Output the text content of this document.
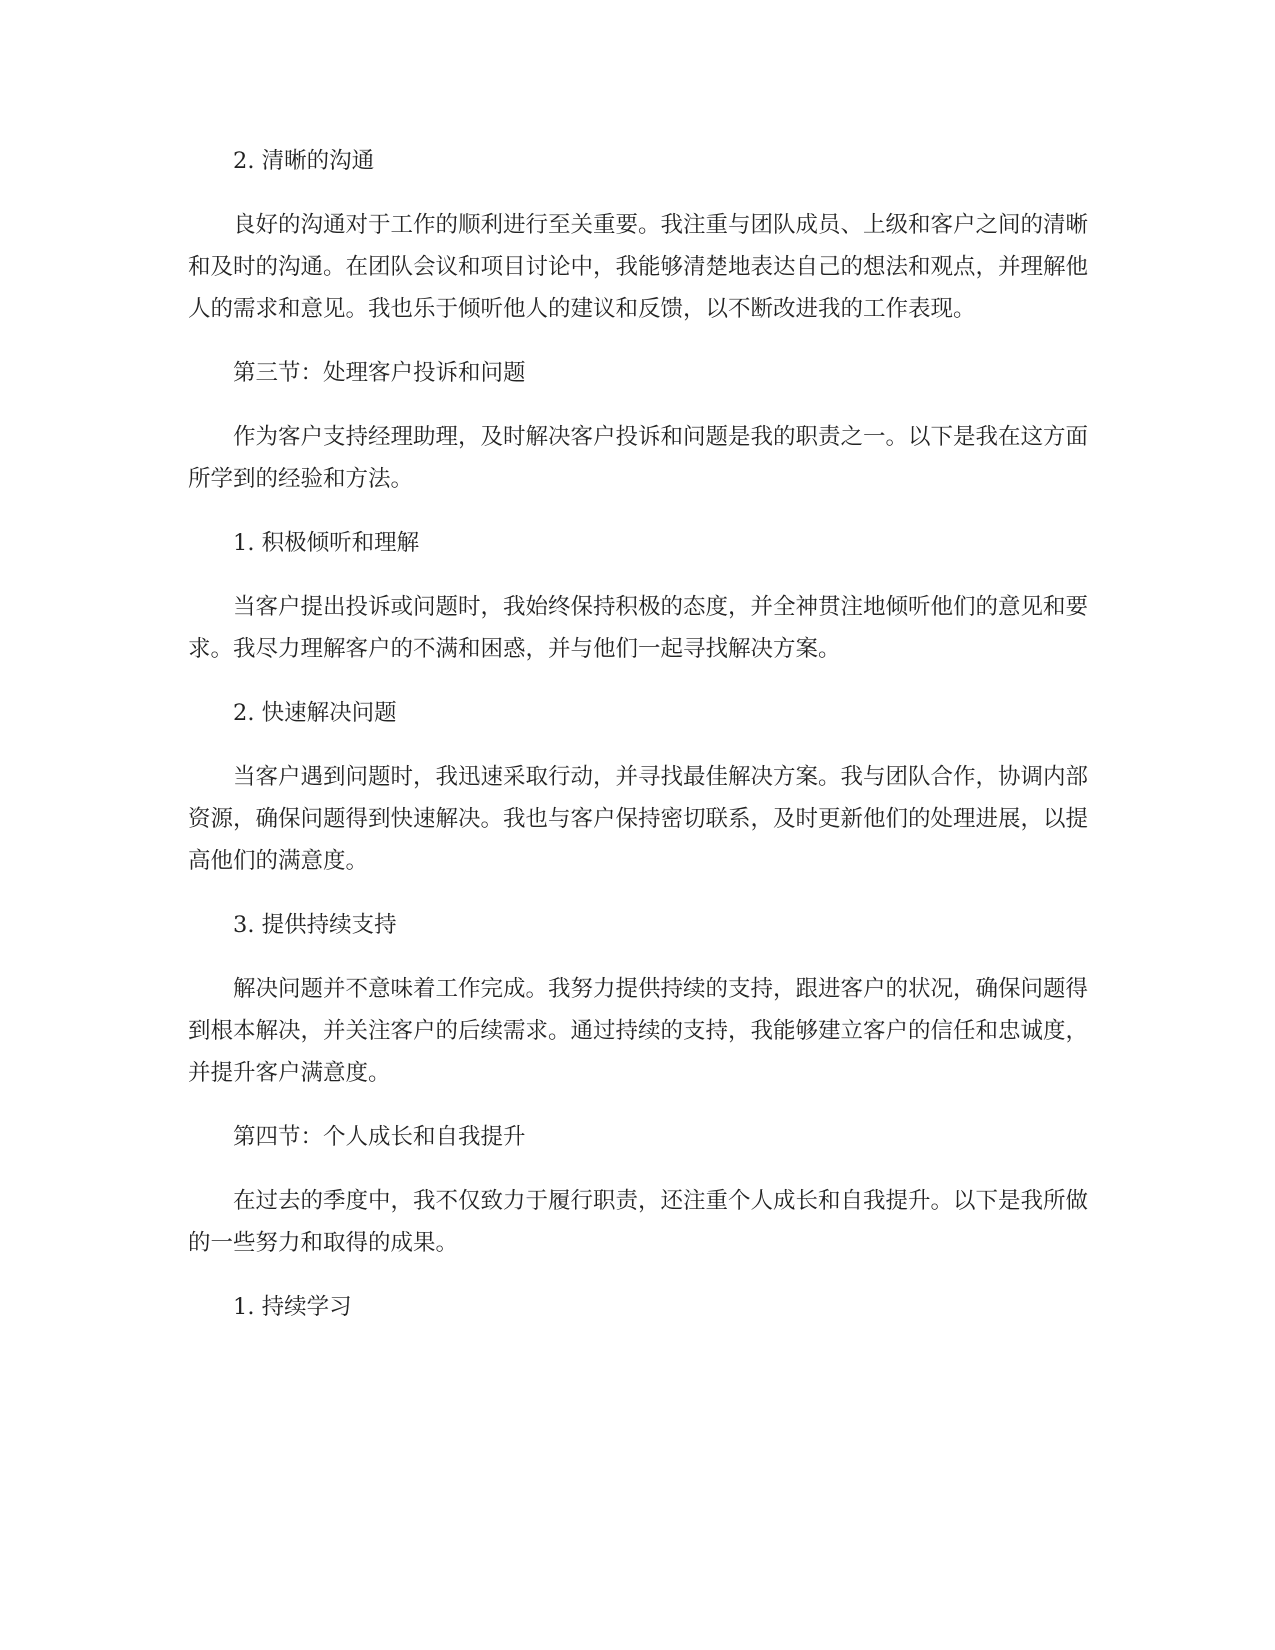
2. 清晰的沟通

良好的沟通对于工作的顺利进行至关重要。我注重与团队成员、上级和客户之间的清晰和及时的沟通。在团队会议和项目讨论中，我能够清楚地表达自己的想法和观点，并理解他人的需求和意见。我也乐于倾听他人的建议和反馈，以不断改进我的工作表现。

第三节：处理客户投诉和问题

作为客户支持经理助理，及时解决客户投诉和问题是我的职责之一。以下是我在这方面所学到的经验和方法。

1. 积极倾听和理解

当客户提出投诉或问题时，我始终保持积极的态度，并全神贯注地倾听他们的意见和要求。我尽力理解客户的不满和困惑，并与他们一起寻找解决方案。

2. 快速解决问题

当客户遇到问题时，我迅速采取行动，并寻找最佳解决方案。我与团队合作，协调内部资源，确保问题得到快速解决。我也与客户保持密切联系，及时更新他们的处理进展，以提高他们的满意度。

3. 提供持续支持

解决问题并不意味着工作完成。我努力提供持续的支持，跟进客户的状况，确保问题得到根本解决，并关注客户的后续需求。通过持续的支持，我能够建立客户的信任和忠诚度，并提升客户满意度。

第四节：个人成长和自我提升

在过去的季度中，我不仅致力于履行职责，还注重个人成长和自我提升。以下是我所做的一些努力和取得的成果。

1. 持续学习
